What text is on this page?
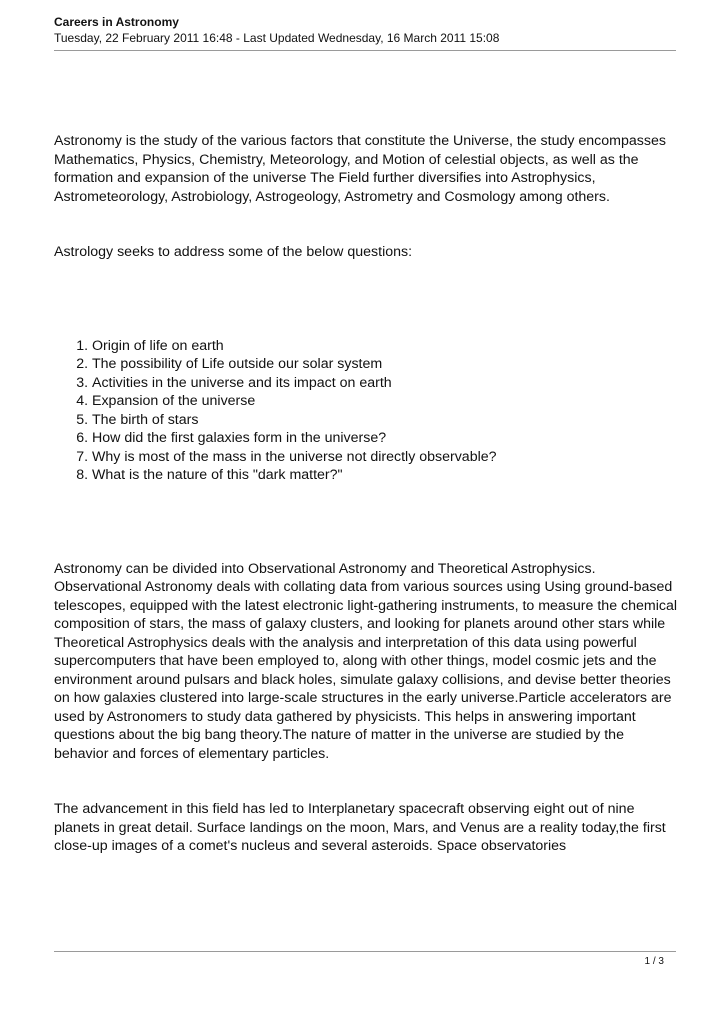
Careers in Astronomy

Tuesday, 22 February 2011 16:48 - Last Updated Wednesday, 16 March 2011 15:08

Astronomy is the study of the various factors that constitute the Universe, the study encompasses Mathematics, Physics, Chemistry, Meteorology, and Motion of celestial objects, as well as the formation and expansion of the universe The Field further diversifies into Astrophysics, Astrometeorology, Astrobiology, Astrogeology, Astrometry and Cosmology among others.

Astrology seeks to address some of the below questions:

1. Origin of life on earth
2. The possibility of Life outside our solar system
3. Activities in the universe and its impact on earth
4. Expansion of the universe
5. The birth of stars
6. How did the first galaxies form in the universe?
7. Why is most of the mass in the universe not directly observable?
8. What is the nature of this "dark matter?"

Astronomy can be divided into Observational Astronomy and Theoretical Astrophysics. Observational Astronomy deals with collating data from various sources using Using ground-based telescopes, equipped with the latest electronic light-gathering instruments, to measure the chemical composition of stars, the mass of galaxy clusters, and looking for planets around other stars while Theoretical Astrophysics deals with the analysis and interpretation of this data using powerful supercomputers that have been employed to, along with other things, model cosmic jets and the environment around pulsars and black holes, simulate galaxy collisions, and devise better theories on how galaxies clustered into large-scale structures in the early universe.Particle accelerators are used by Astronomers to study data gathered by physicists. This helps in answering important questions about the big bang theory.The nature of matter in the universe are studied by the behavior and forces of elementary particles.

The advancement in this field has led to Interplanetary spacecraft observing eight out of nine planets in great detail. Surface landings on the moon, Mars, and Venus are a reality today,the first close-up images of a comet's nucleus and several asteroids. Space observatories

1 / 3
